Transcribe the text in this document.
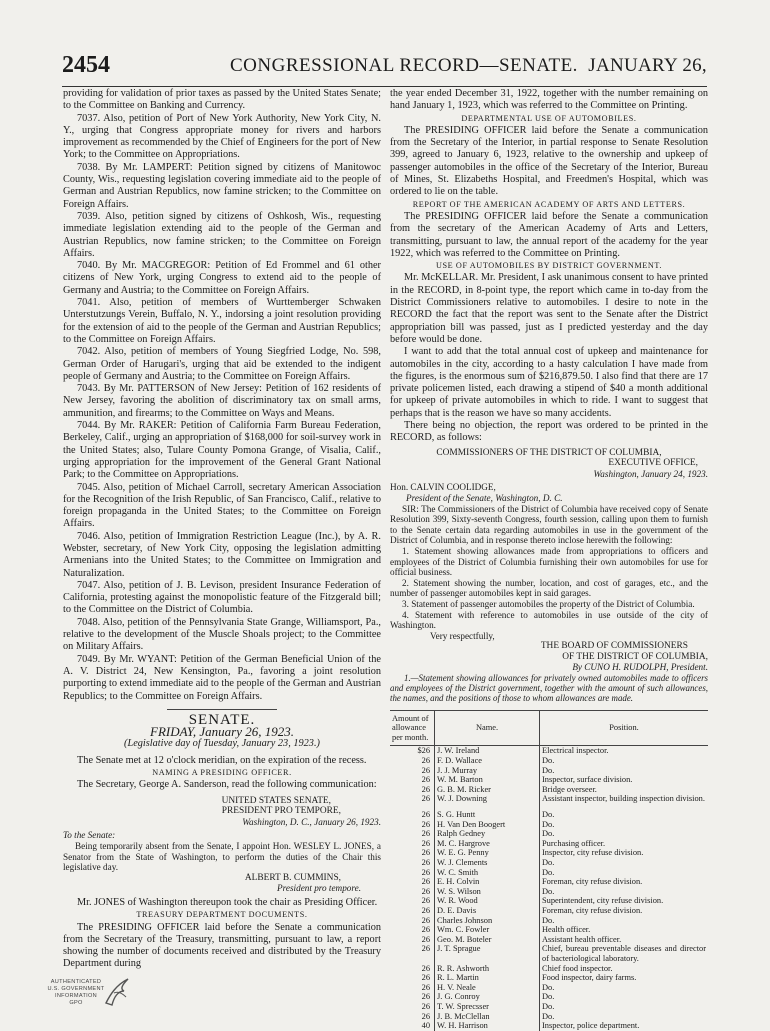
2454	CONGRESSIONAL RECORD—SENATE. JANUARY 26,

providing for validation of prior taxes as passed by the United States Senate; to the Committee on Banking and Currency.

7037. Also, petition of Port of New York Authority, New York City, N. Y., urging that Congress appropriate money for rivers and harbors improvement as recommended by the Chief of Engineers for the port of New York; to the Committee on Appropriations.

7038. By Mr. LAMPERT: Petition signed by citizens of Manitowoc County, Wis., requesting legislation covering immediate aid to the people of German and Austrian Republics, now famine stricken; to the Committee on Foreign Affairs.

7039. Also, petition signed by citizens of Oshkosh, Wis., requesting immediate legislation extending aid to the people of the German and Austrian Republics, now famine stricken; to the Committee on Foreign Affairs.

7040. By Mr. MACGREGOR: Petition of Ed Frommel and 61 other citizens of New York, urging Congress to extend aid to the people of Germany and Austria; to the Committee on Foreign Affairs.

7041. Also, petition of members of Wurttemberger Schwaken Unterstutzungs Verein, Buffalo, N. Y., indorsing a joint resolution providing for the extension of aid to the people of the German and Austrian Republics; to the Committee on Foreign Affairs.

7042. Also, petition of members of Young Siegfried Lodge, No. 598, German Order of Harugari's, urging that aid be extended to the indigent people of Germany and Austria; to the Committee on Foreign Affairs.

7043. By Mr. PATTERSON of New Jersey: Petition of 162 residents of New Jersey, favoring the abolition of discriminatory tax on small arms, ammunition, and firearms; to the Committee on Ways and Means.

7044. By Mr. RAKER: Petition of California Farm Bureau Federation, Berkeley, Calif., urging an appropriation of $168,000 for soil-survey work in the United States; also, Tulare County Pomona Grange, of Visalia, Calif., urging appropriation for the improvement of the General Grant National Park; to the Committee on Appropriations.

7045. Also, petition of Michael Carroll, secretary American Association for the Recognition of the Irish Republic, of San Francisco, Calif., relative to foreign propaganda in the United States; to the Committee on Foreign Affairs.

7046. Also, petition of Immigration Restriction League (Inc.), by A. R. Webster, secretary, of New York City, opposing the legislation admitting Armenians into the United States; to the Committee on Immigration and Naturalization.

7047. Also, petition of J. B. Levison, president Insurance Federation of California, protesting against the monopolistic feature of the Fitzgerald bill; to the Committee on the District of Columbia.

7048. Also, petition of the Pennsylvania State Grange, Williamsport, Pa., relative to the development of the Muscle Shoals project; to the Committee on Military Affairs.

7049. By Mr. WYANT: Petition of the German Beneficial Union of the A. V. District 24, New Kensington, Pa., favoring a joint resolution purporting to extend immediate aid to the people of the German and Austrian Republics; to the Committee on Foreign Affairs.

SENATE.

FRIDAY, January 26, 1923.

(Legislative day of Tuesday, January 23, 1923.)

The Senate met at 12 o'clock meridian, on the expiration of the recess.

NAMING A PRESIDING OFFICER.

The Secretary, George A. Sanderson, read the following communication:

UNITED STATES SENATE,

PRESIDENT PRO TEMPORE,

Washington, D. C., January 26, 1923.

To the Senate:

Being temporarily absent from the Senate, I appoint Hon. WESLEY L. JONES, a Senator from the State of Washington, to perform the duties of the Chair this legislative day.

ALBERT B. CUMMINS,

President pro tempore.

Mr. JONES of Washington thereupon took the chair as Presiding Officer.

TREASURY DEPARTMENT DOCUMENTS.

The PRESIDING OFFICER laid before the Senate a communication from the Secretary of the Treasury, transmitting, pursuant to law, a report showing the number of documents received and distributed by the Treasury Department during

the year ended December 31, 1922, together with the number remaining on hand January 1, 1923, which was referred to the Committee on Printing.

DEPARTMENTAL USE OF AUTOMOBILES.

The PRESIDING OFFICER laid before the Senate a communication from the Secretary of the Interior, in partial response to Senate Resolution 399, agreed to January 6, 1923, relative to the ownership and upkeep of passenger automobiles in the office of the Secretary of the Interior, Bureau of Mines, St. Elizabeths Hospital, and Freedmen's Hospital, which was ordered to lie on the table.

REPORT OF THE AMERICAN ACADEMY OF ARTS AND LETTERS.

The PRESIDING OFFICER laid before the Senate a communication from the secretary of the American Academy of Arts and Letters, transmitting, pursuant to law, the annual report of the academy for the year 1922, which was referred to the Committee on Printing.

USE OF AUTOMOBILES BY DISTRICT GOVERNMENT.

Mr. McKELLAR. Mr. President, I ask unanimous consent to have printed in the RECORD, in 8-point type, the report which came in to-day from the District Commissioners relative to automobiles. I desire to note in the RECORD the fact that the report was sent to the Senate after the District appropriation bill was passed, just as I predicted yesterday and the day before would be done.

I want to add that the total annual cost of upkeep and maintenance for automobiles in the city, according to a hasty calculation I have made from the figures, is the enormous sum of $216,879.50. I also find that there are 17 private policemen listed, each drawing a stipend of $40 a month additional for upkeep of private automobiles in which to ride. I want to suggest that perhaps that is the reason we have so many accidents.

There being no objection, the report was ordered to be printed in the RECORD, as follows:

COMMISSIONERS OF THE DISTRICT OF COLUMBIA,

EXECUTIVE OFFICE,

Washington, January 24, 1923.

Hon. CALVIN COOLIDGE,

President of the Senate, Washington, D. C.

SIR: The Commissioners of the District of Columbia have received copy of Senate Resolution 399, Sixty-seventh Congress, fourth session, calling upon them to furnish to the Senate certain data regarding automobiles in use in the government of the District of Columbia, and in response thereto inclose herewith the following:

1. Statement showing allowances made from appropriations to officers and employees of the District of Columbia furnishing their own automobiles for use for official business.

2. Statement showing the number, location, and cost of garages, etc., and the number of passenger automobiles kept in said garages.

3. Statement of passenger automobiles the property of the District of Columbia.

4. Statement with reference to automobiles in use outside of the city of Washington.

Very respectfully,

THE BOARD OF COMMISSIONERS

OF THE DISTRICT OF COLUMBIA,

By CUNO H. RUDOLPH, President.

1.—Statement showing allowances for privately owned automobiles made to officers and employees of the District government, together with the amount of such allowances, the names, and the positions of those to whom allowances are made.

Amount of allowance per month.	Name.	Position.
$26	J. W. Ireland	Electrical inspector.
26	F. D. Wallace	Do.
26	J. J. Murray	Do.
26	W. M. Barton	Inspector, surface division.
26	G. B. M. Ricker	Bridge overseer.
26	W. J. Downing	Assistant inspector, building inspection division.

26	S. G. Huntt	Do.
26	H. Van Den Boogert	Do.
26	Ralph Gedney	Do.
26	M. C. Hargrove	Purchasing officer.
26	W. E. G. Penny	Inspector, city refuse division.
26	W. J. Clements	Do.
26	W. C. Smith	Do.
26	E. H. Colvin	Foreman, city refuse division.
26	W. S. Wilson	Do.
26	W. R. Wood	Superintendent, city refuse division.
26	D. E. Davis	Foreman, city refuse division.
26	Charles Johnson	Do.
26	Wm. C. Fowler	Health officer.
26	Geo. M. Boteler	Assistant health officer.
26	J. T. Sprague	Chief, bureau preventable diseases and director of bacteriological laboratory.
26	R. R. Ashworth	Chief food inspector.
26	R. L. Martin	Food inspector, dairy farms.
26	H. V. Neale	Do.
26	J. G. Conroy	Do.
26	T. W. Sprecsser	Do.
26	J. B. McClellan	Do.
40	W. H. Harrison	Inspector, police department.
AUTHENTICATED
U.S. GOVERNMENT
INFORMATION
GPO
